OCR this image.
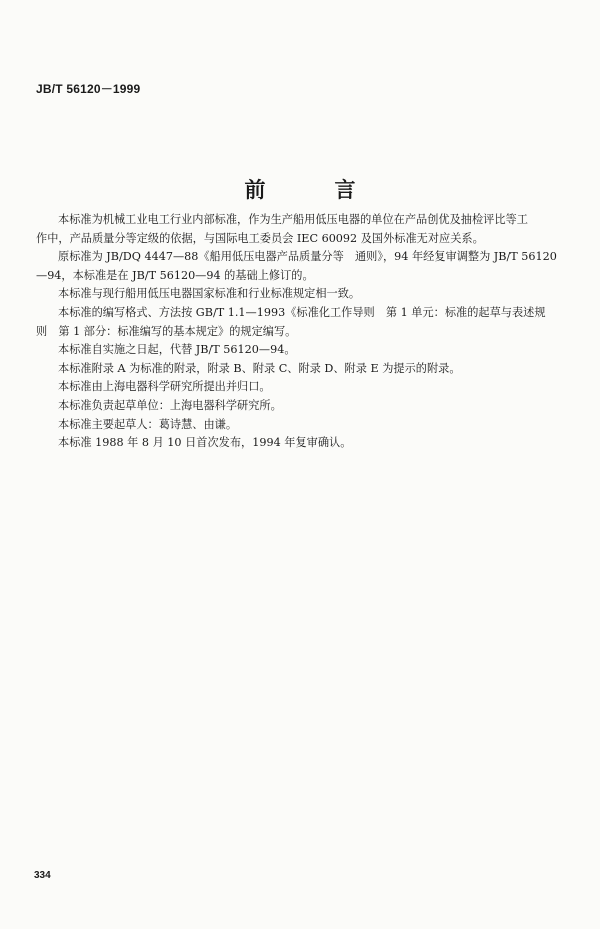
JB/T 56120－1999
前　言

本标准为机械工业电工行业内部标准，作为生产船用低压电器的单位在产品创优及抽检评比等工
作中，产品质量分等定级的依据，与国际电工委员会 IEC 60092 及国外标准无对应关系。

原标准为 JB/DQ 4447—88《船用低压电器产品质量分等　通则》，94 年经复审调整为 JB/T 56120
—94，本标准是在 JB/T 56120—94 的基础上修订的。

本标准与现行船用低压电器国家标准和行业标准规定相一致。

本标准的编写格式、方法按 GB/T 1.1—1993《标准化工作导则　第 1 单元：标准的起草与表述规
则　第 1 部分：标准编写的基本规定》的规定编写。

本标准自实施之日起，代替 JB/T 56120—94。

本标准附录 A 为标准的附录，附录 B、附录 C、附录 D、附录 E 为提示的附录。

本标准由上海电器科学研究所提出并归口。

本标准负责起草单位：上海电器科学研究所。

本标准主要起草人：葛诗慧、由谦。

本标准 1988 年 8 月 10 日首次发布，1994 年复审确认。

334
